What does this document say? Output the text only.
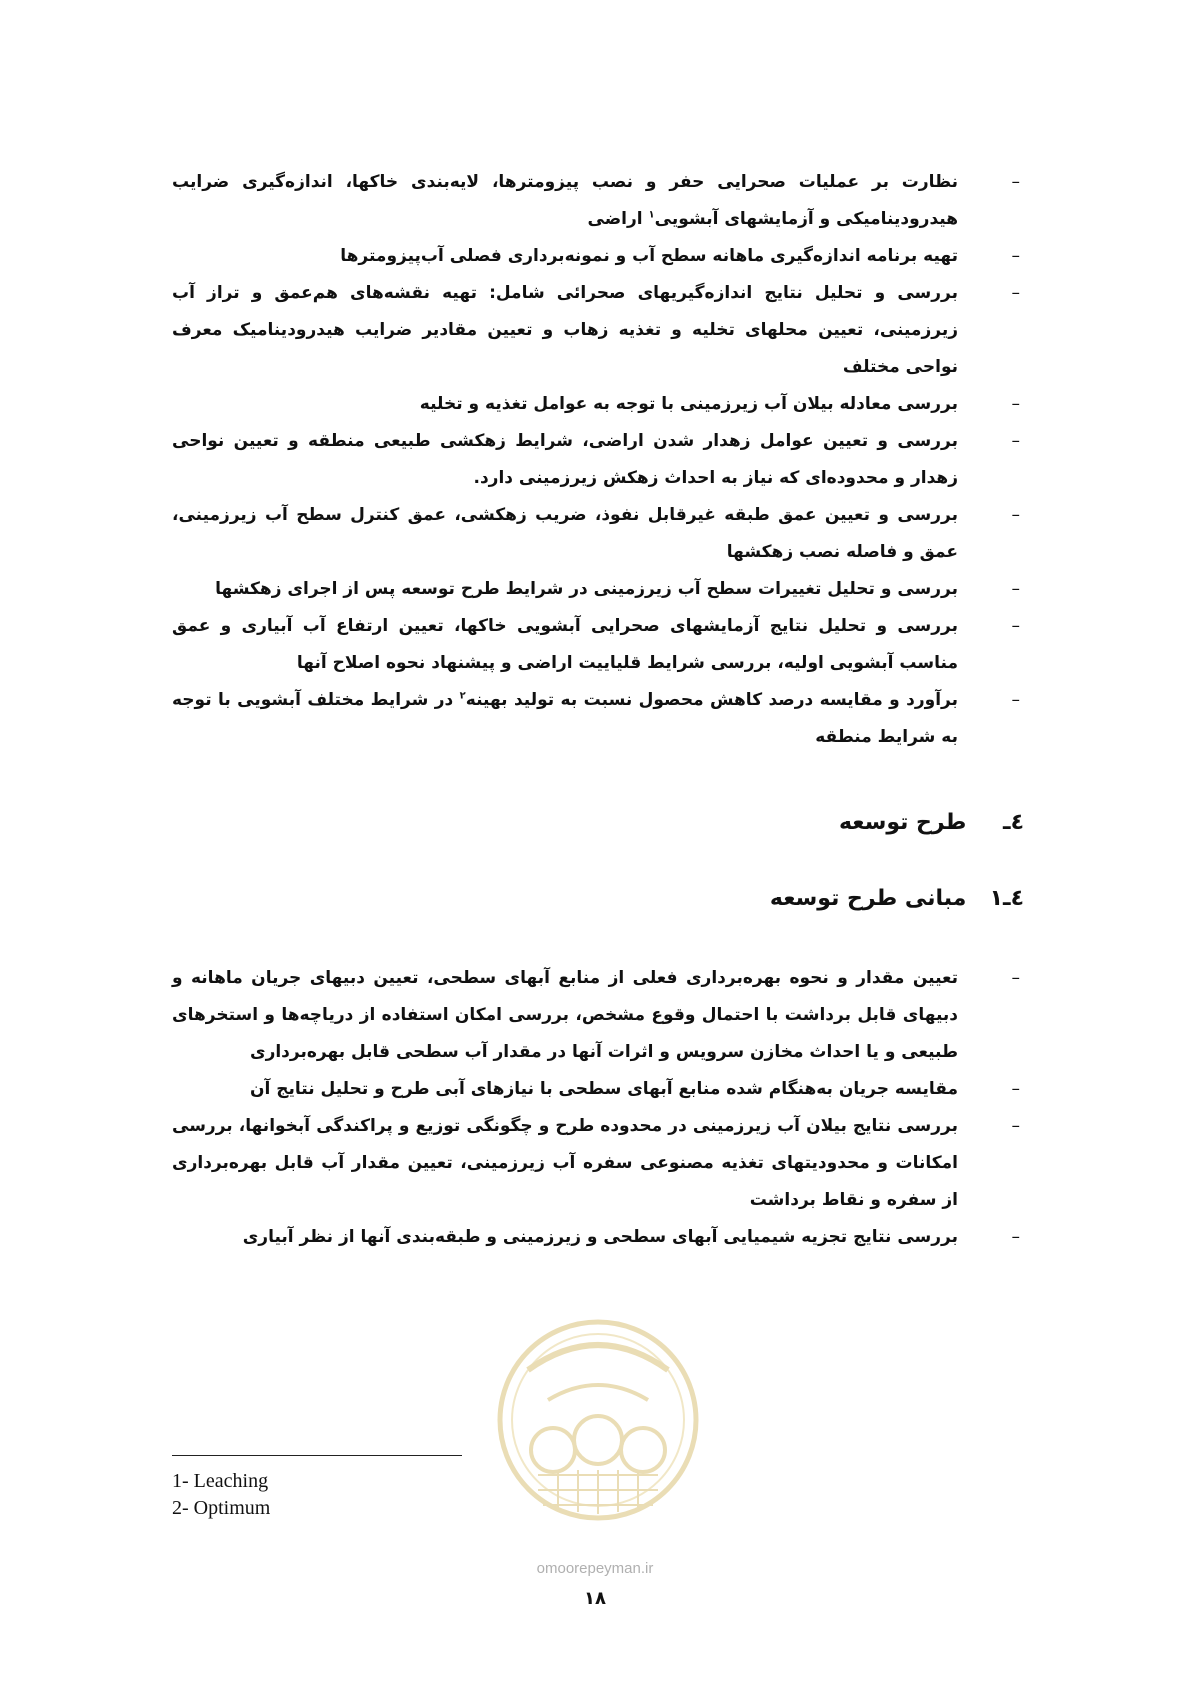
– نظارت بر عملیات صحرایی حفر و نصب پیزومترها، لایه‌بندی خاکها، اندازه‌گیری ضرایب هیدرودینامیکی و آزمایشهای آبشویی$^۱$ اراضی
– تهیه برنامه اندازه‌گیری ماهانه سطح آب و نمونه‌برداری فصلی آب‌پیزومترها
– بررسی و تحلیل نتایج اندازه‌گیریهای صحرائی شامل: تهیه نقشه‌های هم‌عمق و تراز آب زیرزمینی، تعیین محلهای تخلیه و تغذیه زهاب و تعیین مقادیر ضرایب هیدرودینامیک معرف نواحی مختلف
– بررسی معادله بیلان آب زیرزمینی با توجه به عوامل تغذیه و تخلیه
– بررسی و تعیین عوامل زهدار شدن اراضی، شرایط زهکشی طبیعی منطقه و تعیین نواحی زهدار و محدوده‌ای که نیاز به احداث زهکش زیرزمینی دارد.
– بررسی و تعیین عمق طبقه غیرقابل نفوذ، ضریب زهکشی، عمق کنترل سطح آب زیرزمینی، عمق و فاصله نصب زهکشها
– بررسی و تحلیل تغییرات سطح آب زیرزمینی در شرایط طرح توسعه پس از اجرای زهکشها
– بررسی و تحلیل نتایج آزمایشهای صحرایی آبشویی خاکها، تعیین ارتفاع آب آبیاری و عمق مناسب آبشویی اولیه، بررسی شرایط قلیاییت اراضی و پیشنهاد نحوه اصلاح آنها
– برآورد و مقایسه درصد کاهش محصول نسبت به تولید بهینه$^۲$ در شرایط مختلف آبشویی با توجه به شرایط منطقه
٤ـ طرح توسعه
٤ـ١ مبانی طرح توسعه
– تعیین مقدار و نحوه بهره‌برداری فعلی از منابع آبهای سطحی، تعیین دبیهای جریان ماهانه و دبیهای قابل برداشت با احتمال وقوع مشخص، بررسی امکان استفاده از دریاچه‌ها و استخرهای طبیعی و یا احداث مخازن سرویس و اثرات آنها در مقدار آب سطحی قابل بهره‌برداری
– مقایسه جریان به‌هنگام شده منابع آبهای سطحی با نیازهای آبی طرح و تحلیل نتایج آن
– بررسی نتایج بیلان آب زیرزمینی در محدوده طرح و چگونگی توزیع و پراکندگی آبخوانها، بررسی امکانات و محدودیتهای تغذیه مصنوعی سفره آب زیرزمینی، تعیین مقدار آب قابل بهره‌برداری از سفره و نقاط برداشت
– بررسی نتایج تجزیه شیمیایی آبهای سطحی و زیرزمینی و طبقه‌بندی آنها از نظر آبیاری
omoorepeyman.ir
1- Leaching
2- Optimum
١٨
